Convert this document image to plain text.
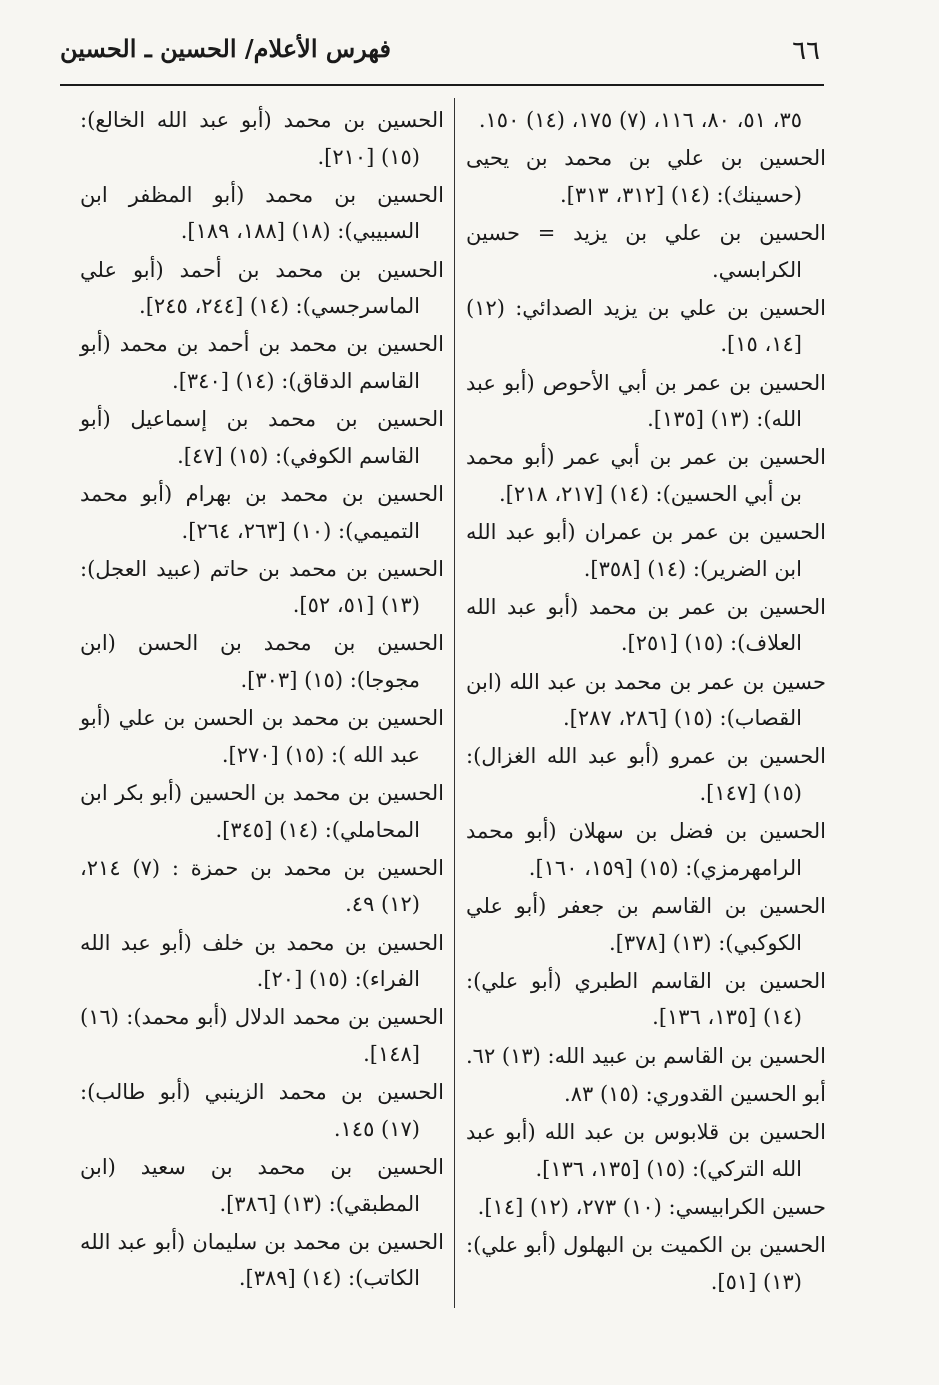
٦٦
فهرس الأعلام/ الحسين ـ الحسين

٣٥، ٥١، ٨٠، ١١٦، (٧) ١٧٥، (١٤) ١٥٠.

الحسين بن علي بن محمد بن يحيى (حسينك): (١٤) [٣١٢، ٣١٣].

الحسين بن علي بن يزيد = حسين الكرابسي.

الحسين بن علي بن يزيد الصدائي: (١٢) [١٤، ١٥].

الحسين بن عمر بن أبي الأحوص (أبو عبد الله): (١٣) [١٣٥].

الحسين بن عمر بن أبي عمر (أبو محمد بن أبي الحسين): (١٤) [٢١٧، ٢١٨].

الحسين بن عمر بن عمران (أبو عبد الله ابن الضرير): (١٤) [٣٥٨].

الحسين بن عمر بن محمد (أبو عبد الله العلاف): (١٥) [٢٥١].

حسين بن عمر بن محمد بن عبد الله (ابن القصاب): (١٥) [٢٨٦، ٢٨٧].

الحسين بن عمرو (أبو عبد الله الغزال): (١٥) [١٤٧].

الحسين بن فضل بن سهلان (أبو محمد الرامهرمزي): (١٥) [١٥٩، ١٦٠].

الحسين بن القاسم بن جعفر (أبو علي الكوكبي): (١٣) [٣٧٨].

الحسين بن القاسم الطبري (أبو علي): (١٤) [١٣٥، ١٣٦].

الحسين بن القاسم بن عبيد الله: (١٣) ٦٢.

أبو الحسين القدوري: (١٥) ٨٣.

الحسين بن قلابوس بن عبد الله (أبو عبد الله التركي): (١٥) [١٣٥، ١٣٦].

حسين الكرابيسي: (١٠) ٢٧٣، (١٢) [١٤].

الحسين بن الكميت بن البهلول (أبو علي): (١٣) [٥١].

الحسين بن محمد (أبو عبد الله الخالع): (١٥) [٢١٠].

الحسين بن محمد (أبو المظفر ابن السبيبي): (١٨) [١٨٨، ١٨٩].

الحسين بن محمد بن أحمد (أبو علي الماسرجسي): (١٤) [٢٤٤، ٢٤٥].

الحسين بن محمد بن أحمد بن محمد (أبو القاسم الدقاق): (١٤) [٣٤٠].

الحسين بن محمد بن إسماعيل (أبو القاسم الكوفي): (١٥) [٤٧].

الحسين بن محمد بن بهرام (أبو محمد التميمي): (١٠) [٢٦٣، ٢٦٤].

الحسين بن محمد بن حاتم (عبيد العجل): (١٣) [٥١، ٥٢].

الحسين بن محمد بن الحسن (ابن مجوجا): (١٥) [٣٠٣].

الحسين بن محمد بن الحسن بن علي (أبو عبد الله ): (١٥) [٢٧٠].

الحسين بن محمد بن الحسين (أبو بكر ابن المحاملي): (١٤) [٣٤٥].

الحسين بن محمد بن حمزة : (٧) ٢١٤، (١٢) ٤٩.

الحسين بن محمد بن خلف (أبو عبد الله الفراء): (١٥) [٢٠].

الحسين بن محمد الدلال (أبو محمد): (١٦) [١٤٨].

الحسين بن محمد الزينبي (أبو طالب): (١٧) ١٤٥.

الحسين بن محمد بن سعيد (ابن المطبقي): (١٣) [٣٨٦].

الحسين بن محمد بن سليمان (أبو عبد الله الكاتب): (١٤) [٣٨٩].
